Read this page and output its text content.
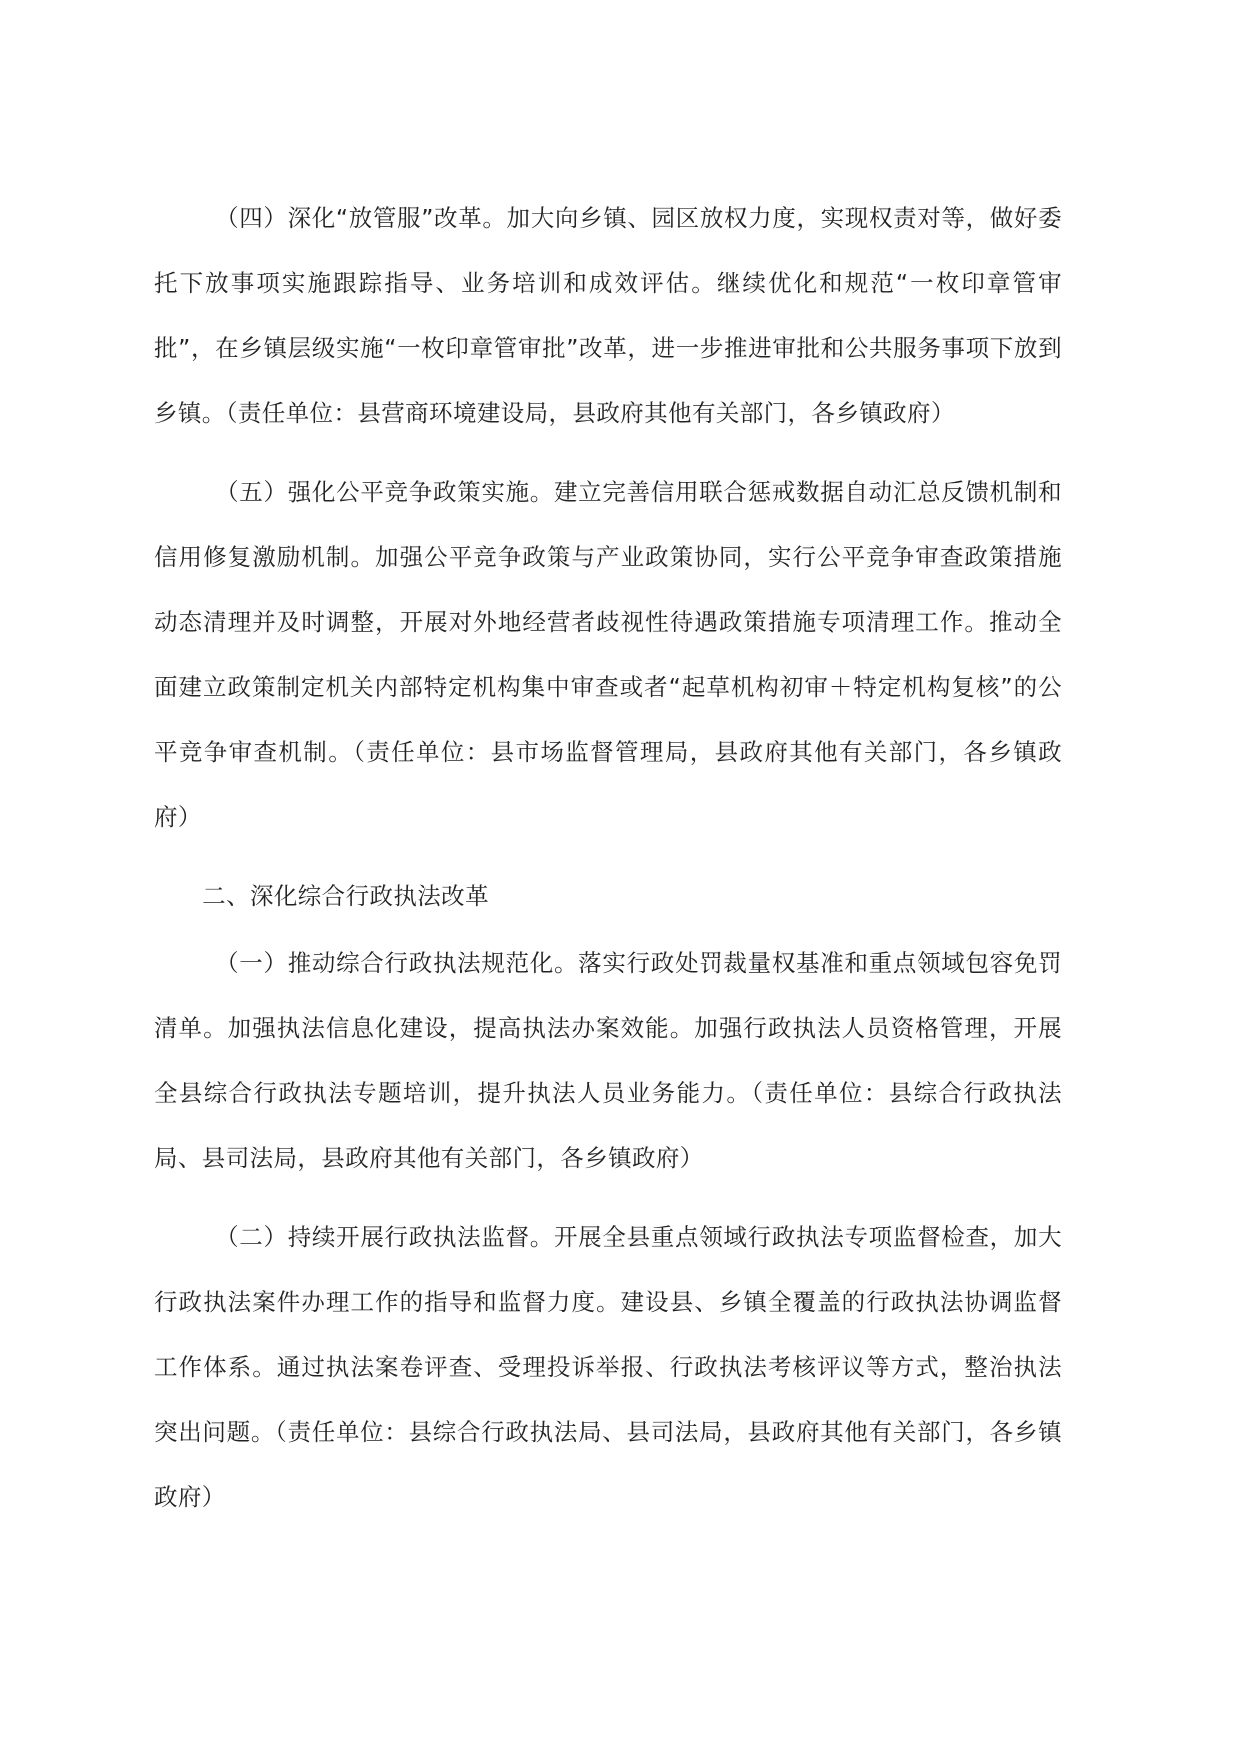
（四）深化“放管服”改革。加大向乡镇、园区放权力度，实现权责对等，做好委托下放事项实施跟踪指导、业务培训和成效评估。继续优化和规范“一枚印章管审批”，在乡镇层级实施“一枚印章管审批”改革，进一步推进审批和公共服务事项下放到乡镇。（责任单位：县营商环境建设局，县政府其他有关部门，各乡镇政府）

（五）强化公平竞争政策实施。建立完善信用联合惩戒数据自动汇总反馈机制和信用修复激励机制。加强公平竞争政策与产业政策协同，实行公平竞争审查政策措施动态清理并及时调整，开展对外地经营者歧视性待遇政策措施专项清理工作。推动全面建立政策制定机关内部特定机构集中审查或者“起草机构初审＋特定机构复核”的公平竞争审查机制。（责任单位：县市场监督管理局，县政府其他有关部门，各乡镇政府）

二、深化综合行政执法改革

（一）推动综合行政执法规范化。落实行政处罚裁量权基准和重点领域包容免罚清单。加强执法信息化建设，提高执法办案效能。加强行政执法人员资格管理，开展全县综合行政执法专题培训，提升执法人员业务能力。（责任单位：县综合行政执法局、县司法局，县政府其他有关部门，各乡镇政府）

（二）持续开展行政执法监督。开展全县重点领域行政执法专项监督检查，加大行政执法案件办理工作的指导和监督力度。建设县、乡镇全覆盖的行政执法协调监督工作体系。通过执法案卷评查、受理投诉举报、行政执法考核评议等方式，整治执法突出问题。（责任单位：县综合行政执法局、县司法局，县政府其他有关部门，各乡镇政府）
